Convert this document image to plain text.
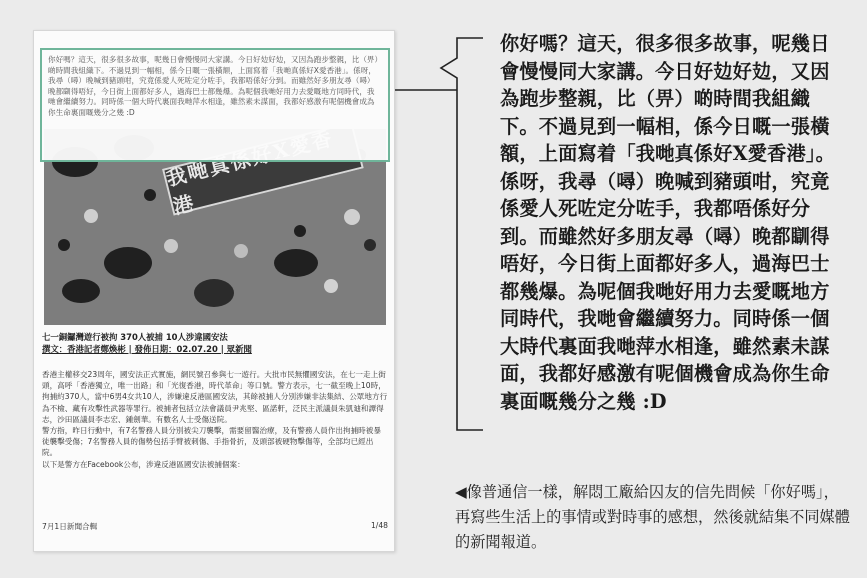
我哋真係好X愛香港
你好嗎？這天，很多很多故事，呢幾日會慢慢同大家講。今日好攰好攰，又因為跑步整親，比（畀）啲時間我組織下。不過見到一幅相，係今日嘅一張橫額，上面寫着「我哋真係好X愛香港」。係呀，我尋（噚）晚喊到豬頭咁，究竟係愛人死咗定分咗手，我都唔係好分到。而雖然好多朋友尋（噚）晚都瞓得唔好，今日街上面都好多人，過海巴士都幾爆。為呢個我哋好用力去愛嘅地方同時代，我哋會繼續努力。同時係一個大時代裏面我哋萍水相逢，雖然素未謀面，我都好感激有呢個機會成為你生命裏面嘅幾分之幾 :D
七一銅鑼灣遊行被拘 370人被捕 10人涉違國安法
撰文：香港記者鄭煥彬 | 發佈日期：02.07.20 | 眾新聞

香港主權移交23周年，國安法正式實施，網民號召參與七一遊行。大批市民無懼國安法，在七一走上街頭，高呼「香港獨立，唯一出路」和「光復香港，時代革命」等口號。警方表示，七一截至晚上10時，拘捕約370人，當中6男4女共10人，涉嫌違反港區國安法，其餘被捕人分別涉嫌非法集結、公眾地方行為不檢、藏有攻擊性武器等罪行。被捕者包括立法會議員尹兆堅、區諾軒，泛民主派議員朱凱廸和譚得志，沙田區議員李志宏、鍾劍華。有數名人士受傷送院。

警方指，昨日行動中，有7名警務人員分別被尖刀襲擊，需要留醫治療，及有警務人員作出拘捕時被暴徒襲擊受傷；7名警務人員的傷勢包括手臂被刺傷、手指骨折，及頭部被硬物擊傷等，全部均已經出院。

以下是警方在Facebook公布，涉違反港區國安法被捕個案：

7月1日新聞合輯	1/48
你好嗎？這天，很多很多故事，呢幾日會慢慢同大家講。今日好攰好攰，又因為跑步整親，比（畀）啲時間我組織下。不過見到一幅相，係今日嘅一張橫額，上面寫着「我哋真係好X愛香港」。係呀，我尋（噚）晚喊到豬頭咁，究竟係愛人死咗定分咗手，我都唔係好分到。而雖然好多朋友尋（噚）晚都瞓得唔好，今日街上面都好多人，過海巴士都幾爆。為呢個我哋好用力去愛嘅地方同時代，我哋會繼續努力。同時係一個大時代裏面我哋萍水相逢，雖然素未謀面，我都好感激有呢個機會成為你生命裏面嘅幾分之幾 :D
◀像普通信一樣，解悶工廠給囚友的信先問候「你好嗎」，再寫些生活上的事情或對時事的感想，然後就結集不同媒體的新聞報道。
